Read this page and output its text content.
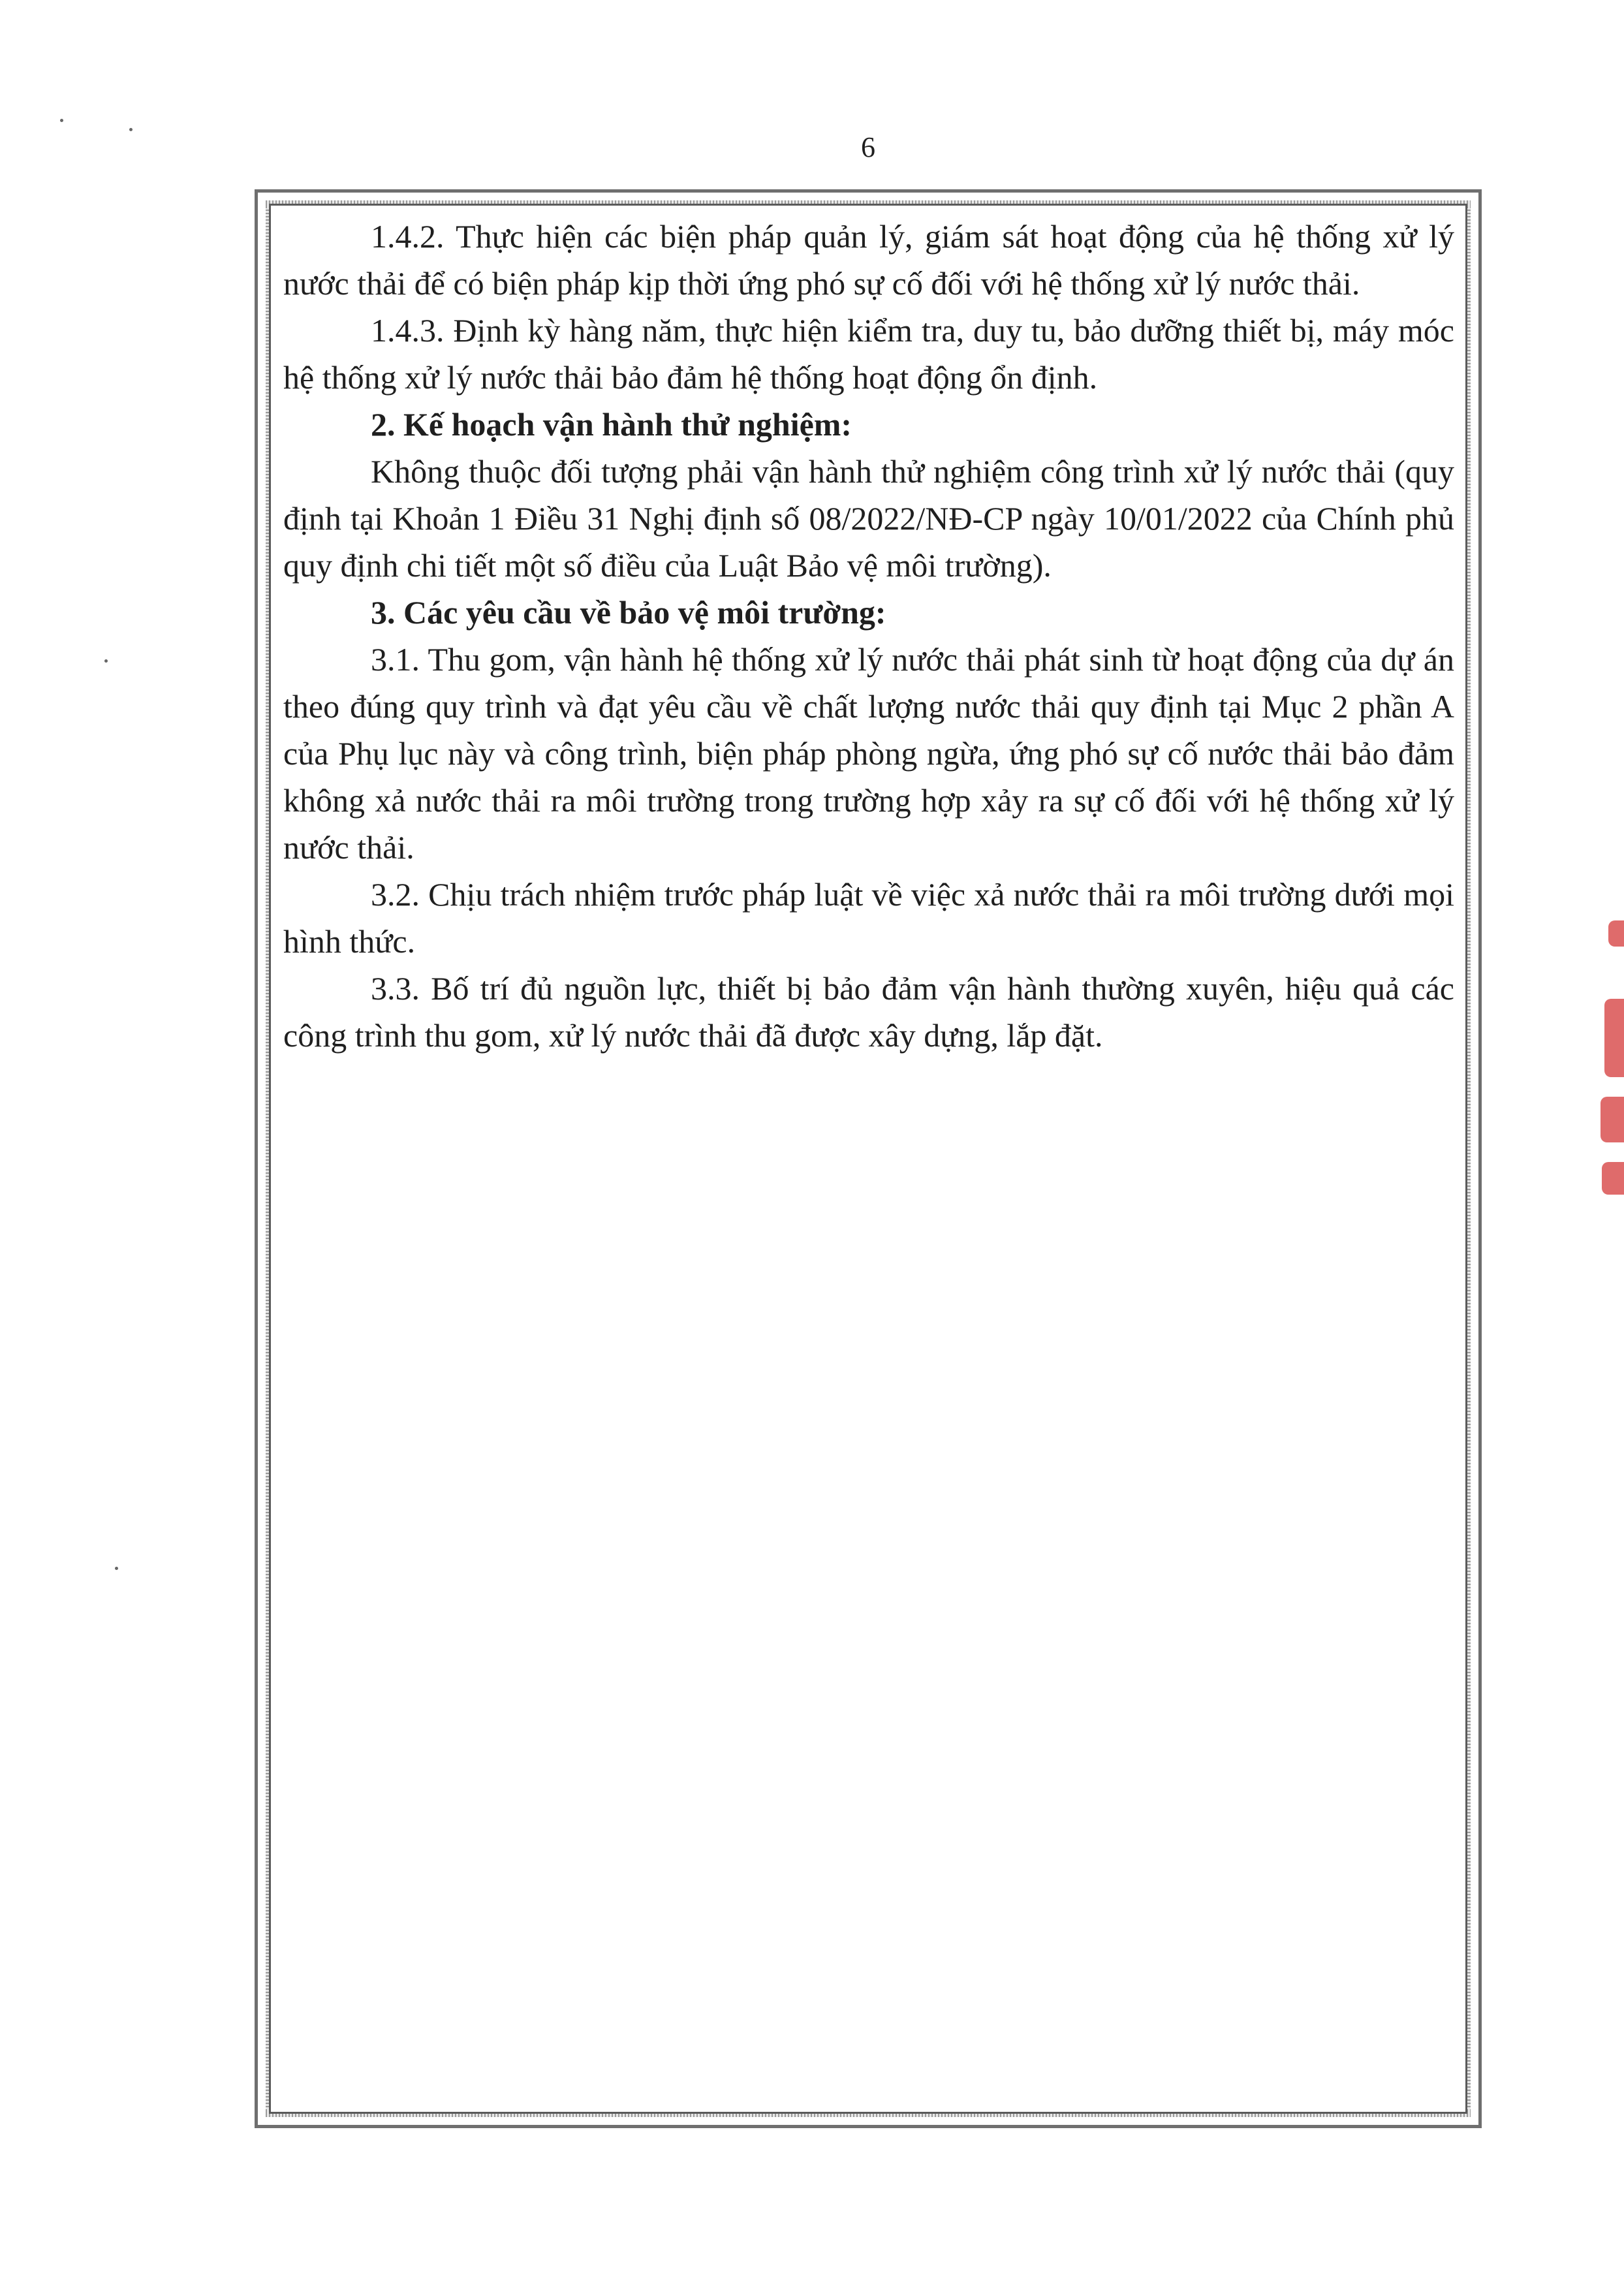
6

1.4.2. Thực hiện các biện pháp quản lý, giám sát hoạt động của hệ thống xử lý nước thải để có biện pháp kịp thời ứng phó sự cố đối với hệ thống xử lý nước thải.

1.4.3. Định kỳ hàng năm, thực hiện kiểm tra, duy tu, bảo dưỡng thiết bị, máy móc hệ thống xử lý nước thải bảo đảm hệ thống hoạt động ổn định.

2. Kế hoạch vận hành thử nghiệm:

Không thuộc đối tượng phải vận hành thử nghiệm công trình xử lý nước thải (quy định tại Khoản 1 Điều 31 Nghị định số 08/2022/NĐ-CP ngày 10/01/2022 của Chính phủ quy định chi tiết một số điều của Luật Bảo vệ môi trường).

3. Các yêu cầu về bảo vệ môi trường:

3.1. Thu gom, vận hành hệ thống xử lý nước thải phát sinh từ hoạt động của dự án theo đúng quy trình và đạt yêu cầu về chất lượng nước thải quy định tại Mục 2 phần A của Phụ lục này và công trình, biện pháp phòng ngừa, ứng phó sự cố nước thải bảo đảm không xả nước thải ra môi trường trong trường hợp xảy ra sự cố đối với hệ thống xử lý nước thải.

3.2. Chịu trách nhiệm trước pháp luật về việc xả nước thải ra môi trường dưới mọi hình thức.

3.3. Bố trí đủ nguồn lực, thiết bị bảo đảm vận hành thường xuyên, hiệu quả các công trình thu gom, xử lý nước thải đã được xây dựng, lắp đặt.
